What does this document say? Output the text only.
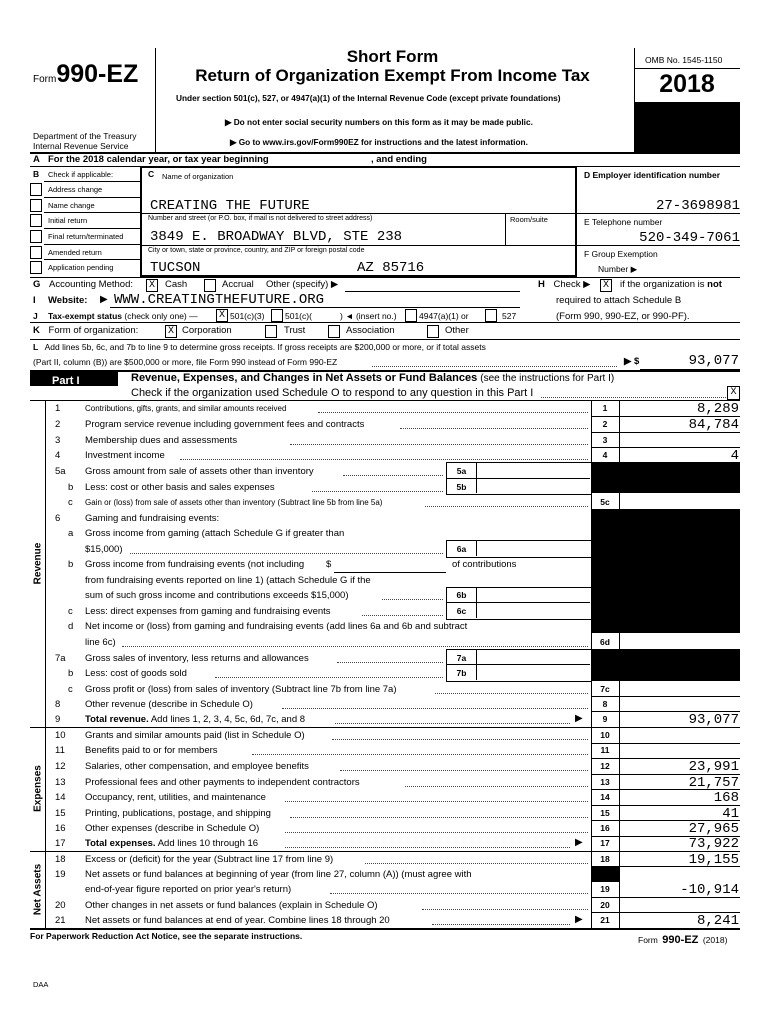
Form990-EZ
Short Form
Return of Organization Exempt From Income Tax
Under section 501(c), 527, or 4947(a)(1) of the Internal Revenue Code (except private foundations)
▶ Do not enter social security numbers on this form as it may be made public.
▶ Go to www.irs.gov/Form990EZ for instructions and the latest information.
Department of the Treasury
Internal Revenue Service
OMB No. 1545-1150
2018
A For the 2018 calendar year, or tax year beginning	, and ending
B Check if applicable:
Address change
Name change
Initial return
Final return/terminated
Amended return
Application pending
C Name of organization
CREATING THE FUTURE
Number and street (or P.O. box, if mail is not delivered to street address)	Room/suite
3849 E. BROADWAY BLVD, STE 238
City or town, state or province, country, and ZIP or foreign postal code
TUCSON	AZ 85716
D Employer identification number
27-3698981
E Telephone number
520-349-7061
F Group Exemption
Number ▶
G Accounting Method: X	Cash	Accrual Other (specify) ▶	H Check ▶ X	if the organization is not
required to attach Schedule B
(Form 990, 990-EZ, or 990-PF).
I Website: ▶ WWW.CREATINGTHEFUTURE.ORG
J Tax-exempt status (check only one) — X 501(c)(3) 501(c)(	) ◄ (insert no.)	4947(a)(1) or	527
K Form of organization:	X Corporation	Trust	Association	Other
L Add lines 5b, 6c, and 7b to line 9 to determine gross receipts. If gross receipts are $200,000 or more, or if total assets
(Part II, column (B)) are $500,000 or more, file Form 990 instead of Form 990-EZ	▶ $	93,077
Part I	Revenue, Expenses, and Changes in Net Assets or Fund Balances (see the instructions for Part I)
Check if the organization used Schedule O to respond to any question in this Part I	X
Revenue
Expenses
Net Assets
1	Contributions, gifts, grants, and similar amounts received	1	8,289
2	Program service revenue including government fees and contracts	2	84,784
3	Membership dues and assessments	3
4	Investment income	4	4
5a	Gross amount from sale of assets other than inventory	5a
b	Less: cost or other basis and sales expenses	5b
c	Gain or (loss) from sale of assets other than inventory (Subtract line 5b from line 5a)	5c
6	Gaming and fundraising events:
a	Gross income from gaming (attach Schedule G if greater than
$15,000)	6a
b	Gross income from fundraising events (not including $	of contributions
from fundraising events reported on line 1) (attach Schedule G if the
sum of such gross income and contributions exceeds $15,000)	6b
c	Less: direct expenses from gaming and fundraising events	6c
d	Net income or (loss) from gaming and fundraising events (add lines 6a and 6b and subtract
line 6c)	6d
7a	Gross sales of inventory, less returns and allowances	7a
b	Less: cost of goods sold	7b
c	Gross profit or (loss) from sales of inventory (Subtract line 7b from line 7a)	7c
8	Other revenue (describe in Schedule O)	8
9	Total revenue. Add lines 1, 2, 3, 4, 5c, 6d, 7c, and 8	▶	9	93,077
10	Grants and similar amounts paid (list in Schedule O)	10
11	Benefits paid to or for members	11
12	Salaries, other compensation, and employee benefits	12	23,991
13	Professional fees and other payments to independent contractors	13	21,757
14	Occupancy, rent, utilities, and maintenance	14	168
15	Printing, publications, postage, and shipping	15	41
16	Other expenses (describe in Schedule O)	16	27,965
17	Total expenses. Add lines 10 through 16	▶	17	73,922
18	Excess or (deficit) for the year (Subtract line 17 from line 9)	18	19,155
19	Net assets or fund balances at beginning of year (from line 27, column (A)) (must agree with
end-of-year figure reported on prior year's return)	19	-10,914
20	Other changes in net assets or fund balances (explain in Schedule O)	20
21	Net assets or fund balances at end of year. Combine lines 18 through 20	▶	21	8,241
For Paperwork Reduction Act Notice, see the separate instructions.	Form 990-EZ (2018)
DAA
